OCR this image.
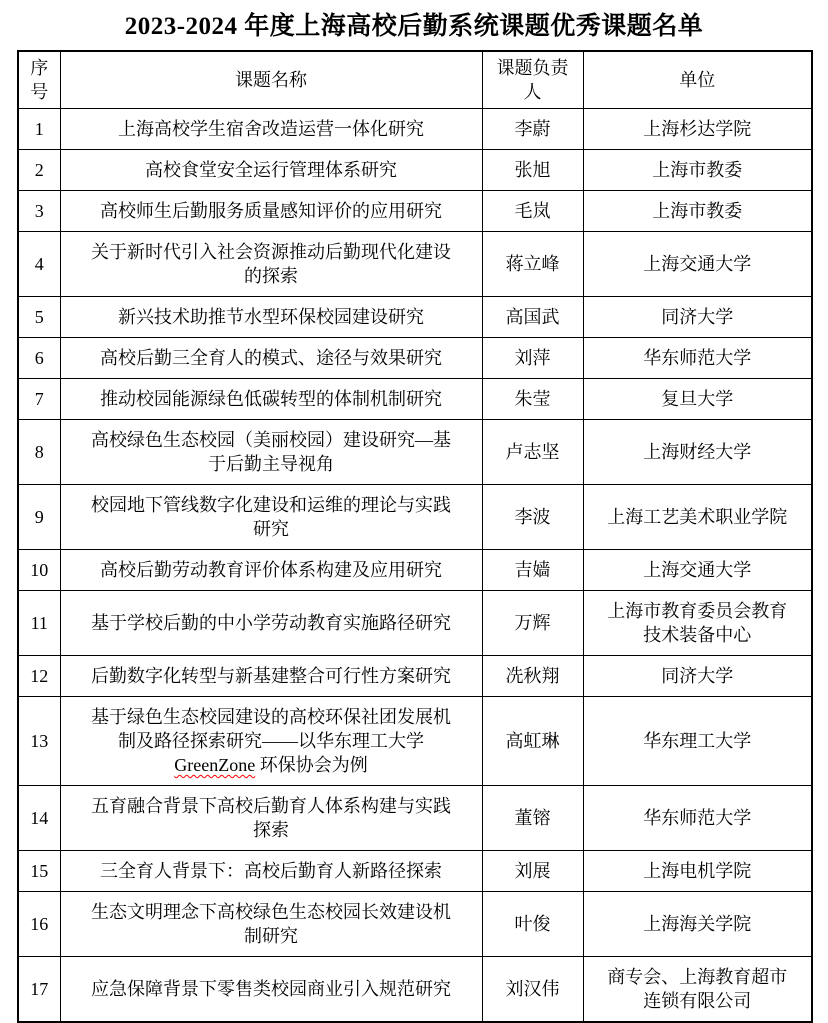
2023-2024 年度上海高校后勤系统课题优秀课题名单
序号	课题名称	课题负责人	单位
1	上海高校学生宿舍改造运营一体化研究	李蔚	上海杉达学院
2	高校食堂安全运行管理体系研究	张旭	上海市教委
3	高校师生后勤服务质量感知评价的应用研究	毛岚	上海市教委
4	关于新时代引入社会资源推动后勤现代化建设的探索	蒋立峰	上海交通大学
5	新兴技术助推节水型环保校园建设研究	高国武	同济大学
6	高校后勤三全育人的模式、途径与效果研究	刘萍	华东师范大学
7	推动校园能源绿色低碳转型的体制机制研究	朱莹	复旦大学
8	高校绿色生态校园（美丽校园）建设研究—基于后勤主导视角	卢志坚	上海财经大学
9	校园地下管线数字化建设和运维的理论与实践研究	李波	上海工艺美术职业学院
10	高校后勤劳动教育评价体系构建及应用研究	吉嫱	上海交通大学
11	基于学校后勤的中小学劳动教育实施路径研究	万辉	上海市教育委员会教育技术装备中心
12	后勤数字化转型与新基建整合可行性方案研究	冼秋翔	同济大学
13	基于绿色生态校园建设的高校环保社团发展机制及路径探索研究——以华东理工大学GreenZone 环保协会为例	高虹琳	华东理工大学
14	五育融合背景下高校后勤育人体系构建与实践探索	董镕	华东师范大学
15	三全育人背景下：高校后勤育人新路径探索	刘展	上海电机学院
16	生态文明理念下高校绿色生态校园长效建设机制研究	叶俊	上海海关学院
17	应急保障背景下零售类校园商业引入规范研究	刘汉伟	商专会、上海教育超市连锁有限公司
